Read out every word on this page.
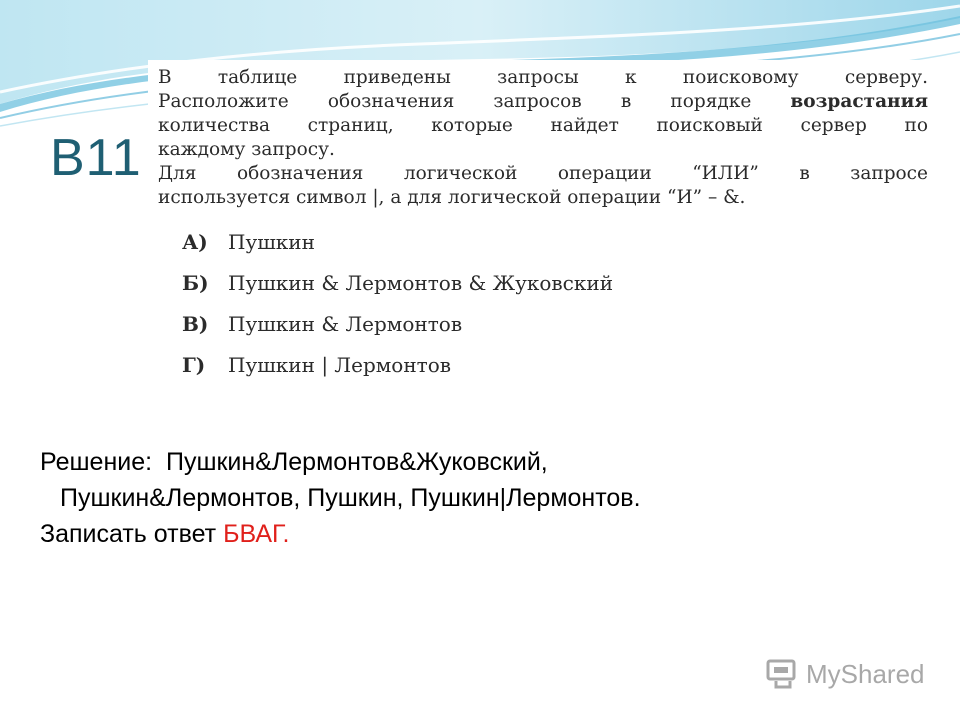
B11

В таблице приведены запросы к поисковому серверу.
Расположите обозначения запросов в порядке возрастания
количества страниц, которые найдет поисковый сервер по
каждому запросу.
Для обозначения логической операции “ИЛИ” в запросе
используется символ |, а для логической операции “И” – &.

А) Пушкин
Б) Пушкин & Лермонтов & Жуковский
В) Пушкин & Лермонтов
Г) Пушкин | Лермонтов
Решение: Пушкин&Лермонтов&Жуковский,
Пушкин&Лермонтов, Пушкин, Пушкин|Лермонтов.
Записать ответ БВАГ.
MyShared
